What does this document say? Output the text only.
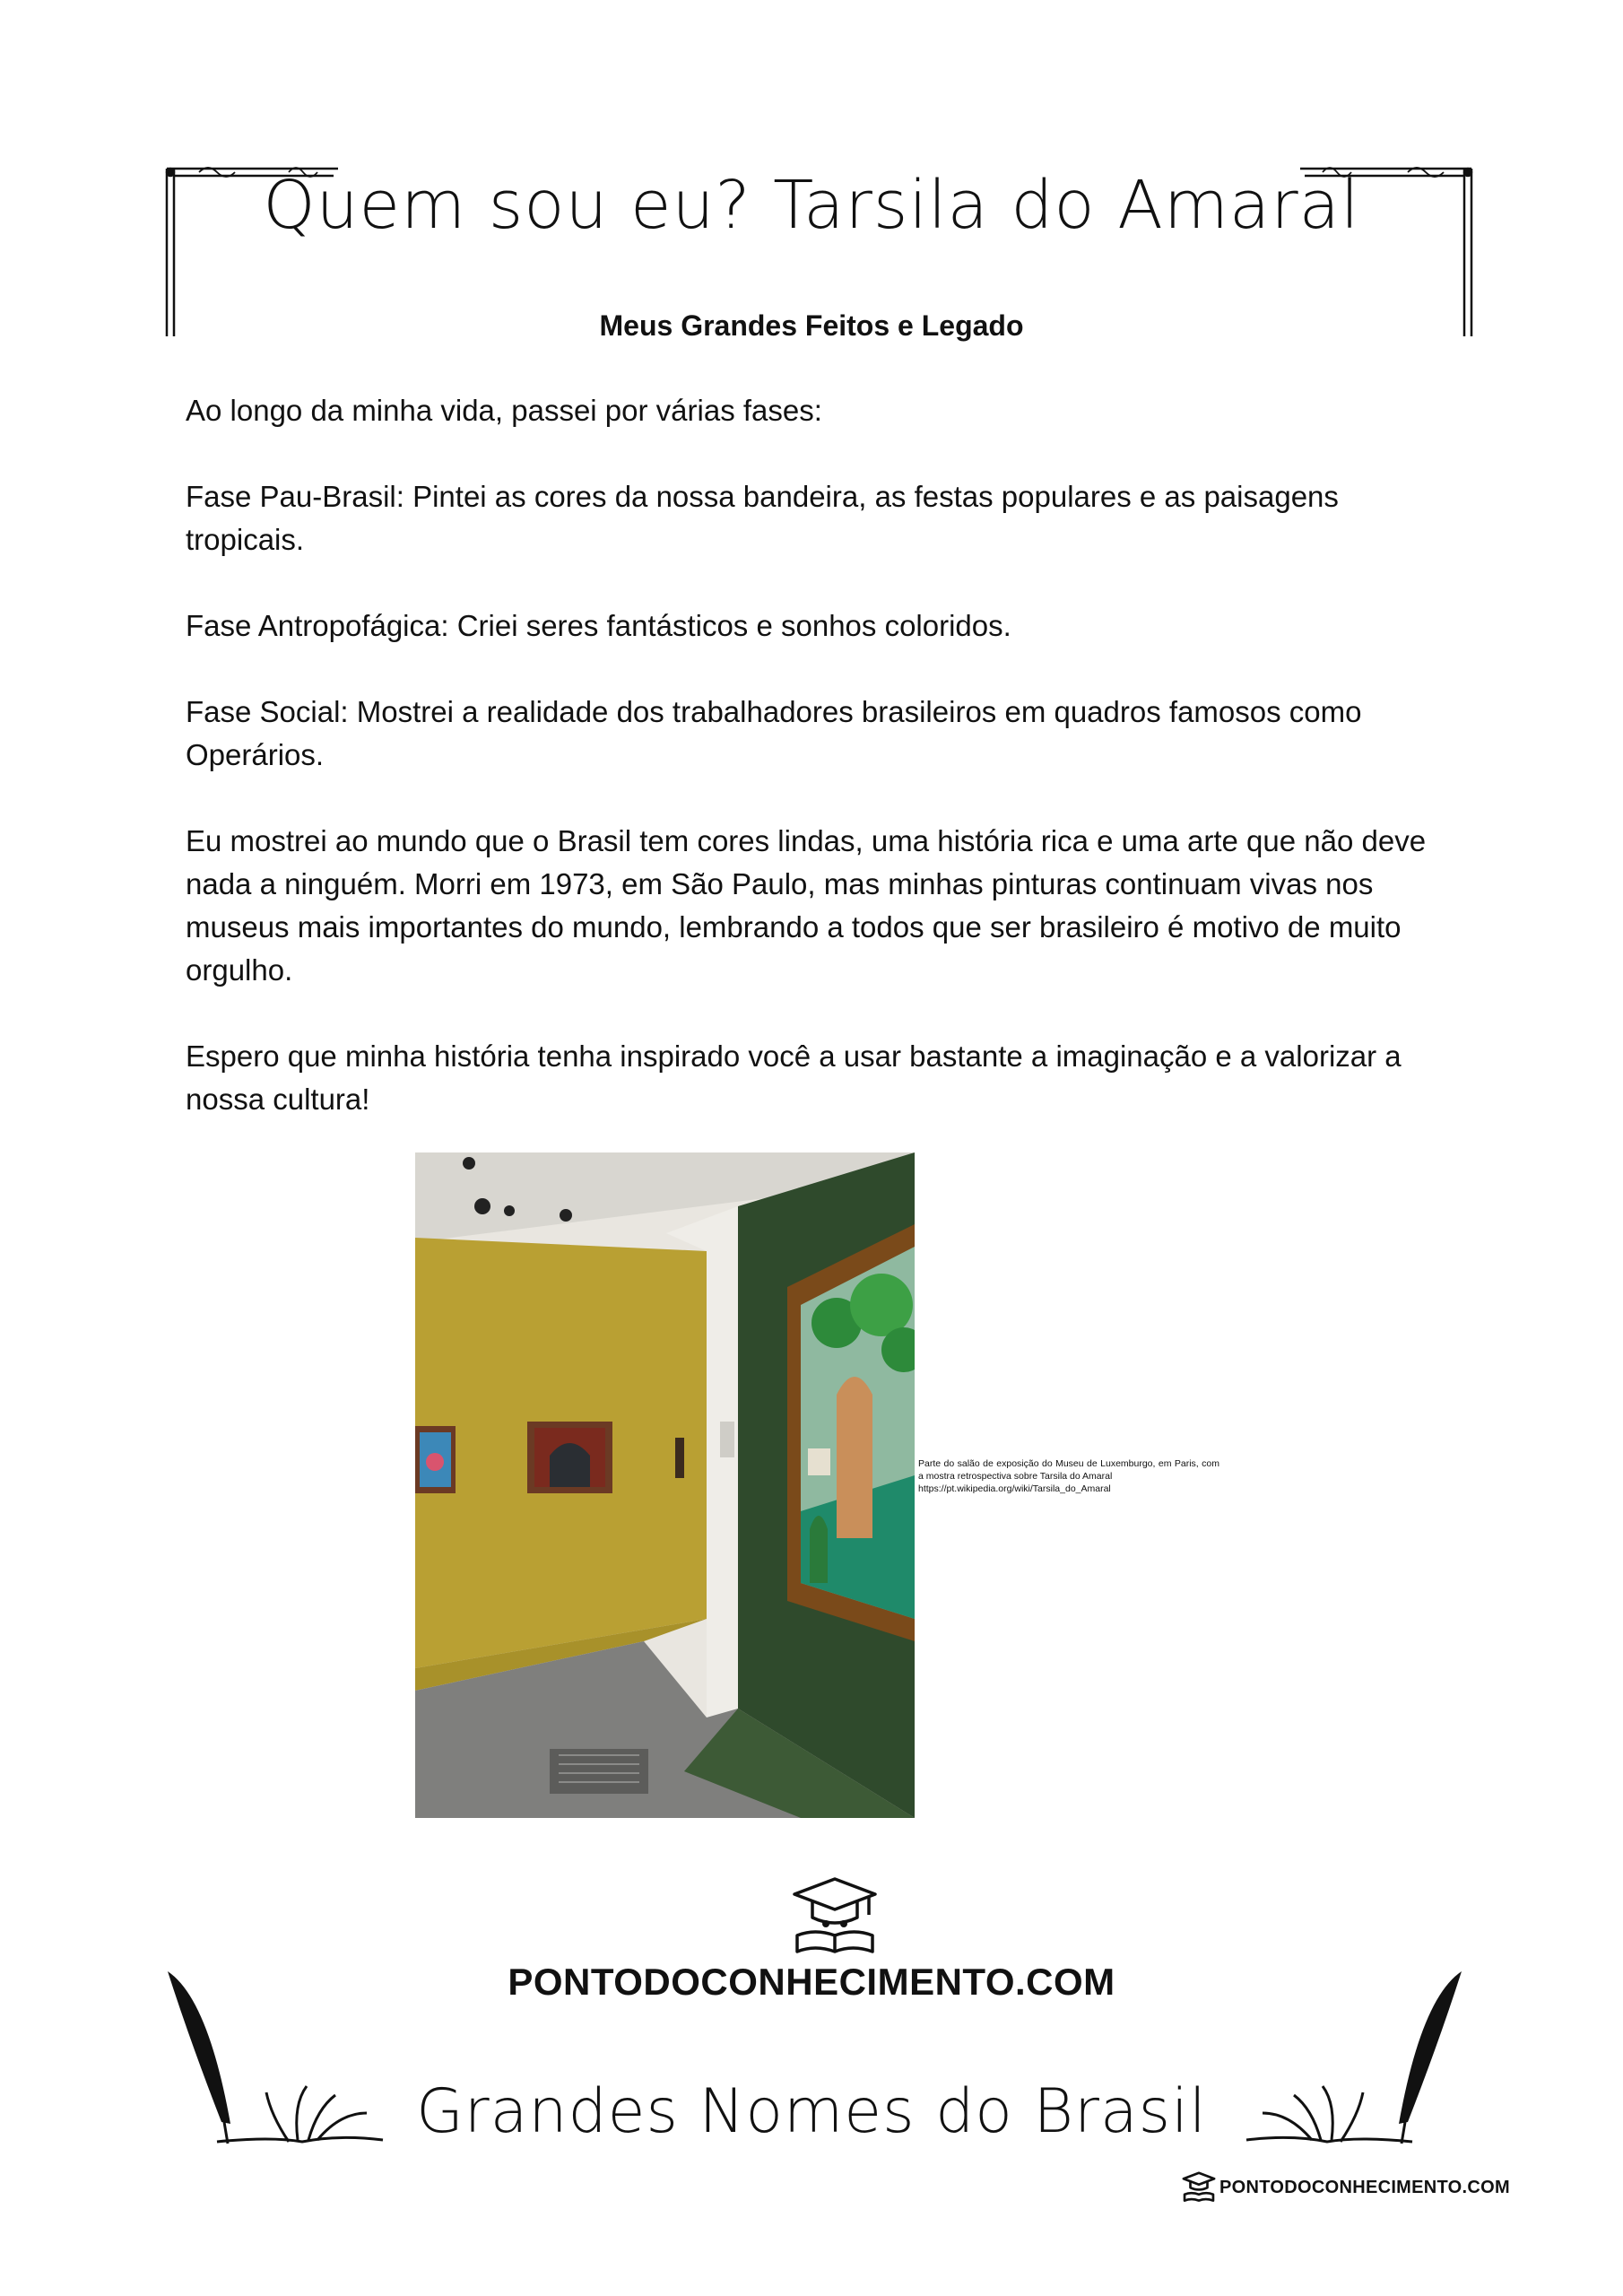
Quem sou eu? Tarsila do Amaral
Meus Grandes Feitos e Legado

Ao longo da minha vida, passei por várias fases:

Fase Pau-Brasil: Pintei as cores da nossa bandeira, as festas populares e as paisagens tropicais.

Fase Antropofágica: Criei seres fantásticos e sonhos coloridos.

Fase Social: Mostrei a realidade dos trabalhadores brasileiros em quadros famosos como Operários.

Eu mostrei ao mundo que o Brasil tem cores lindas, uma história rica e uma arte que não deve nada a ninguém. Morri em 1973, em São Paulo, mas minhas pinturas continuam vivas nos museus mais importantes do mundo, lembrando a todos que ser brasileiro é motivo de muito orgulho.

Espero que minha história tenha inspirado você a usar bastante a imaginação e a valorizar a nossa cultura!

Parte do salão de exposição do Museu de Luxemburgo, em Paris, com a mostra retrospectiva sobre Tarsila do Amaral
https://pt.wikipedia.org/wiki/Tarsila_do_Amaral
PONTODOCONHECIMENTO.COM
Grandes Nomes do Brasil
PONTODOCONHECIMENTO.COM
